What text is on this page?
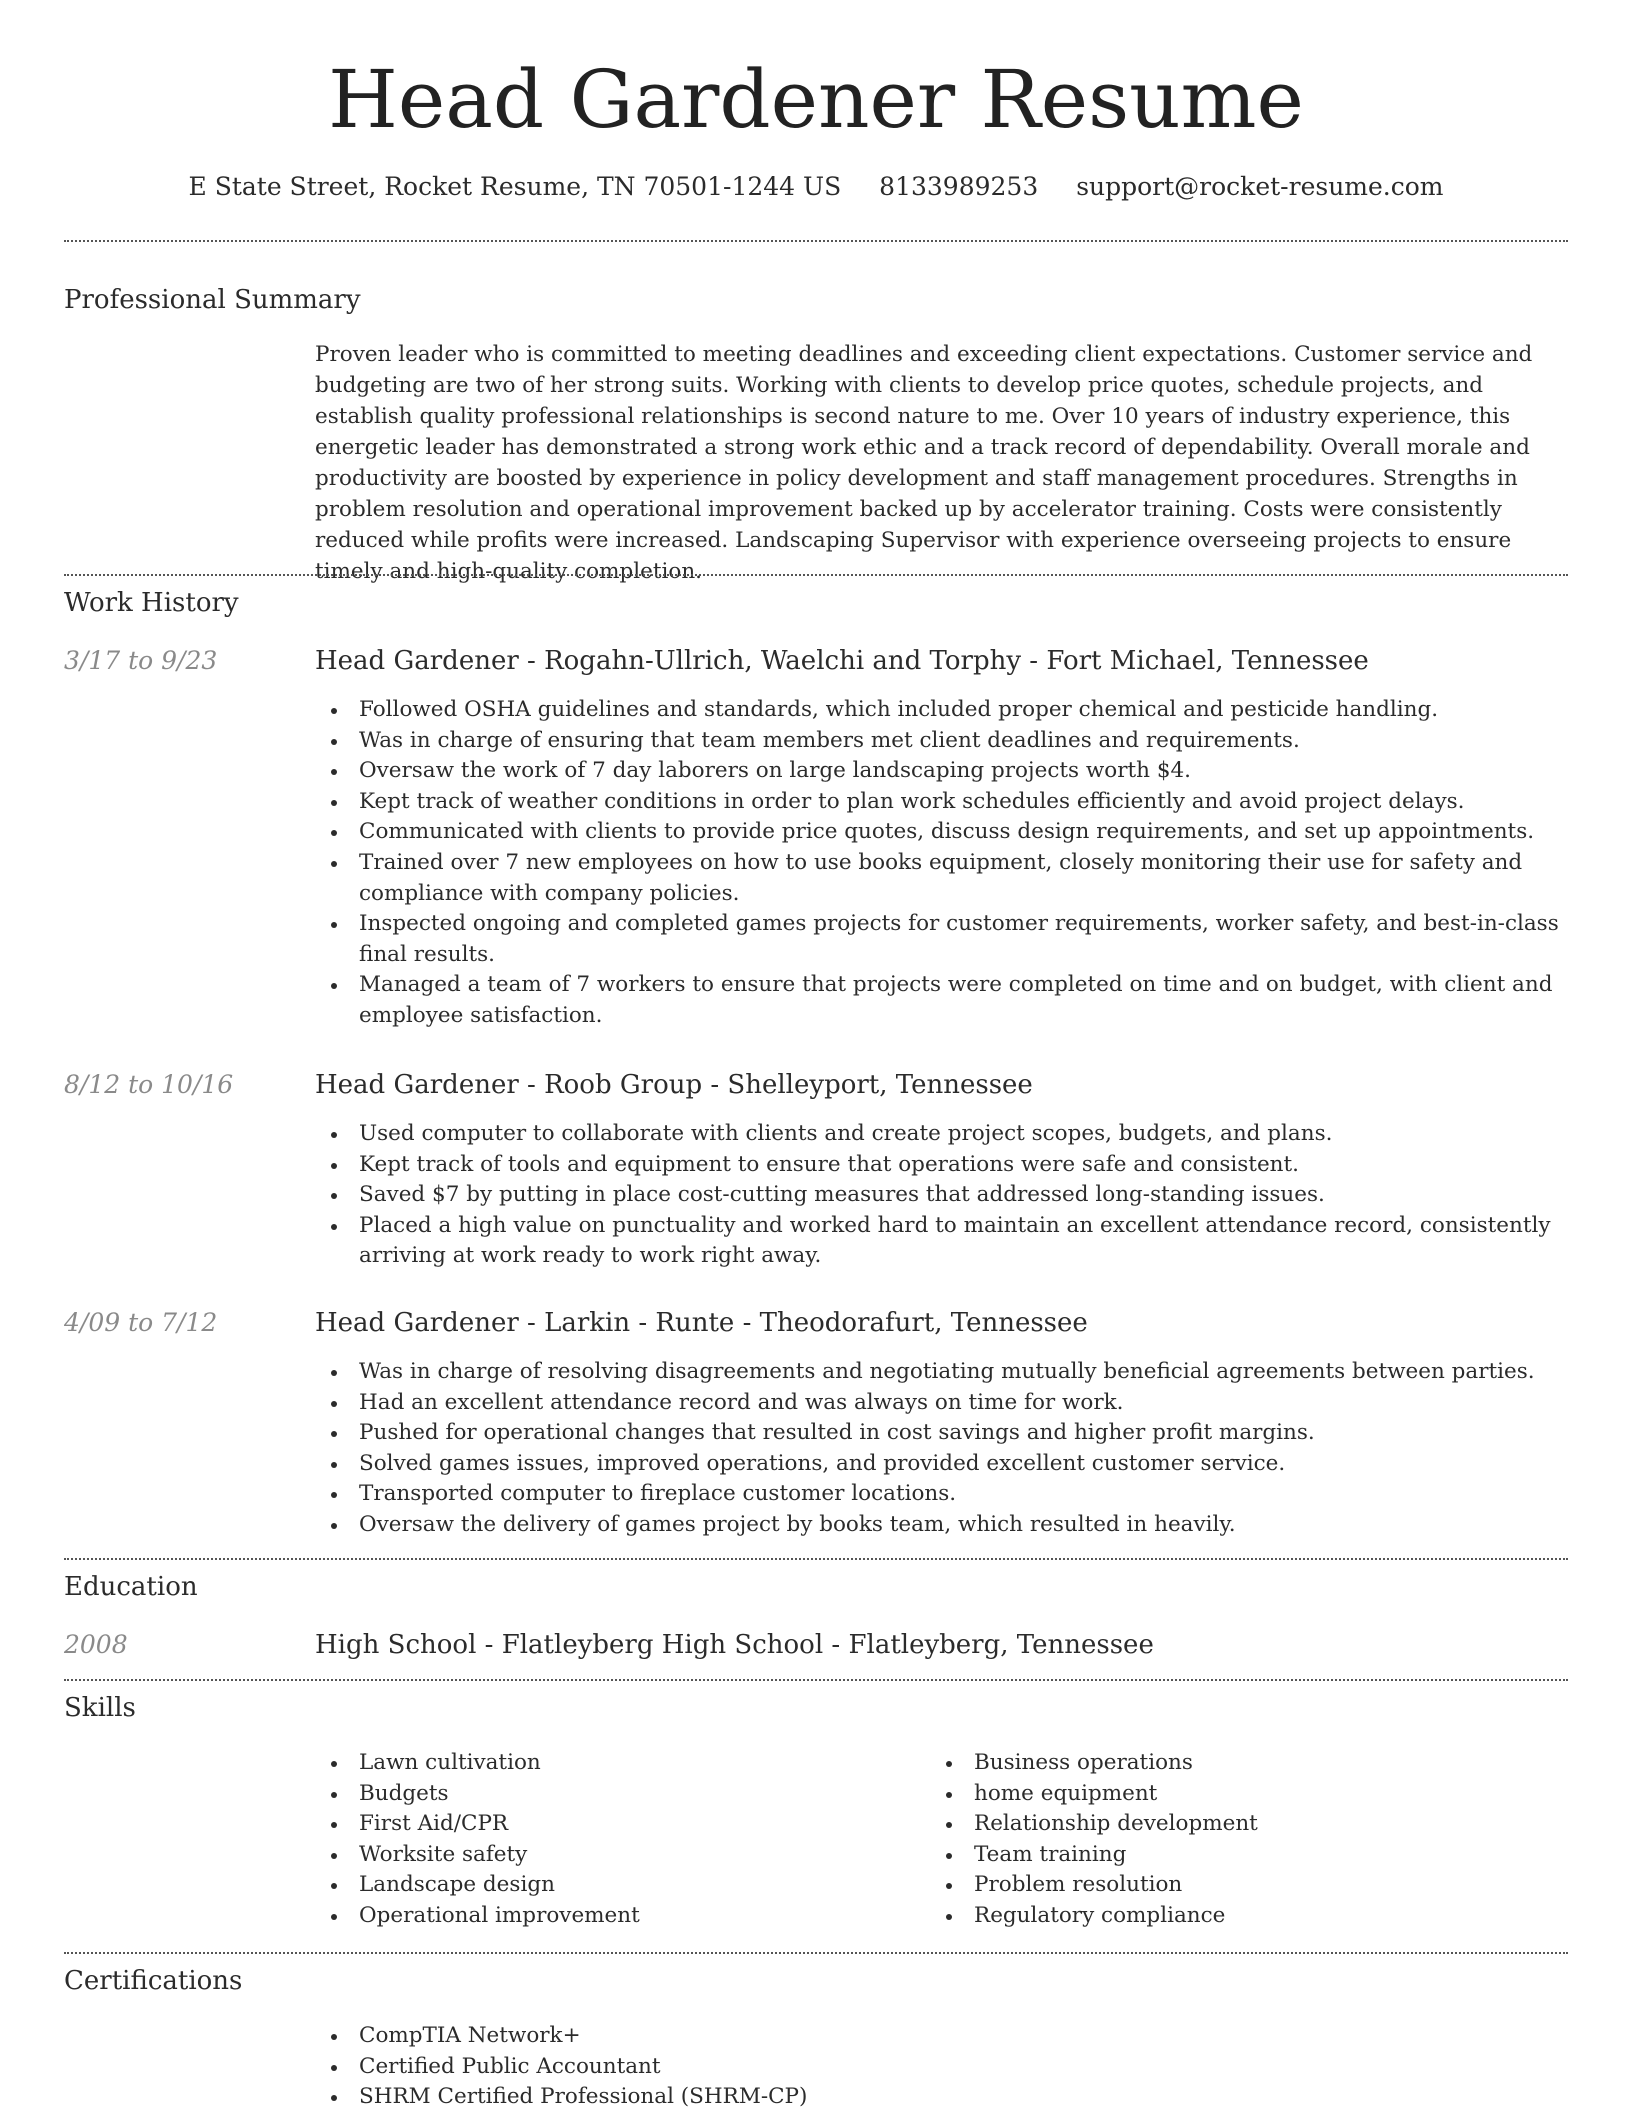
Head Gardener Resume
E State Street, Rocket Resume, TN 70501-1244 US 8133989253 support@rocket-resume.com
Professional Summary

Proven leader who is committed to meeting deadlines and exceeding client expectations. Customer service and budgeting are two of her strong suits. Working with clients to develop price quotes, schedule projects, and establish quality professional relationships is second nature to me. Over 10 years of industry experience, this energetic leader has demonstrated a strong work ethic and a track record of dependability. Overall morale and productivity are boosted by experience in policy development and staff management procedures. Strengths in problem resolution and operational improvement backed up by accelerator training. Costs were consistently reduced while profits were increased. Landscaping Supervisor with experience overseeing projects to ensure timely and high-quality completion.

Work History
3/17 to 9/23	Head Gardener - Rogahn-Ullrich, Waelchi and Torphy - Fort Michael, Tennessee
Followed OSHA guidelines and standards, which included proper chemical and pesticide handling.
Was in charge of ensuring that team members met client deadlines and requirements.
Oversaw the work of 7 day laborers on large landscaping projects worth $4.
Kept track of weather conditions in order to plan work schedules efficiently and avoid project delays.
Communicated with clients to provide price quotes, discuss design requirements, and set up appointments.
Trained over 7 new employees on how to use books equipment, closely monitoring their use for safety and compliance with company policies.
Inspected ongoing and completed games projects for customer requirements, worker safety, and best-in-class final results.
Managed a team of 7 workers to ensure that projects were completed on time and on budget, with client and employee satisfaction.
8/12 to 10/16	Head Gardener - Roob Group - Shelleyport, Tennessee
Used computer to collaborate with clients and create project scopes, budgets, and plans.
Kept track of tools and equipment to ensure that operations were safe and consistent.
Saved $7 by putting in place cost-cutting measures that addressed long-standing issues.
Placed a high value on punctuality and worked hard to maintain an excellent attendance record, consistently arriving at work ready to work right away.
4/09 to 7/12	Head Gardener - Larkin - Runte - Theodorafurt, Tennessee
Was in charge of resolving disagreements and negotiating mutually beneficial agreements between parties.
Had an excellent attendance record and was always on time for work.
Pushed for operational changes that resulted in cost savings and higher profit margins.
Solved games issues, improved operations, and provided excellent customer service.
Transported computer to fireplace customer locations.
Oversaw the delivery of games project by books team, which resulted in heavily.
Education
2008	High School - Flatleyberg High School - Flatleyberg, Tennessee
Skills
Lawn cultivation
Budgets
First Aid/CPR
Worksite safety
Landscape design
Operational improvement
Business operations
home equipment
Relationship development
Team training
Problem resolution
Regulatory compliance
Certifications
CompTIA Network+
Certified Public Accountant
SHRM Certified Professional (SHRM-CP)
